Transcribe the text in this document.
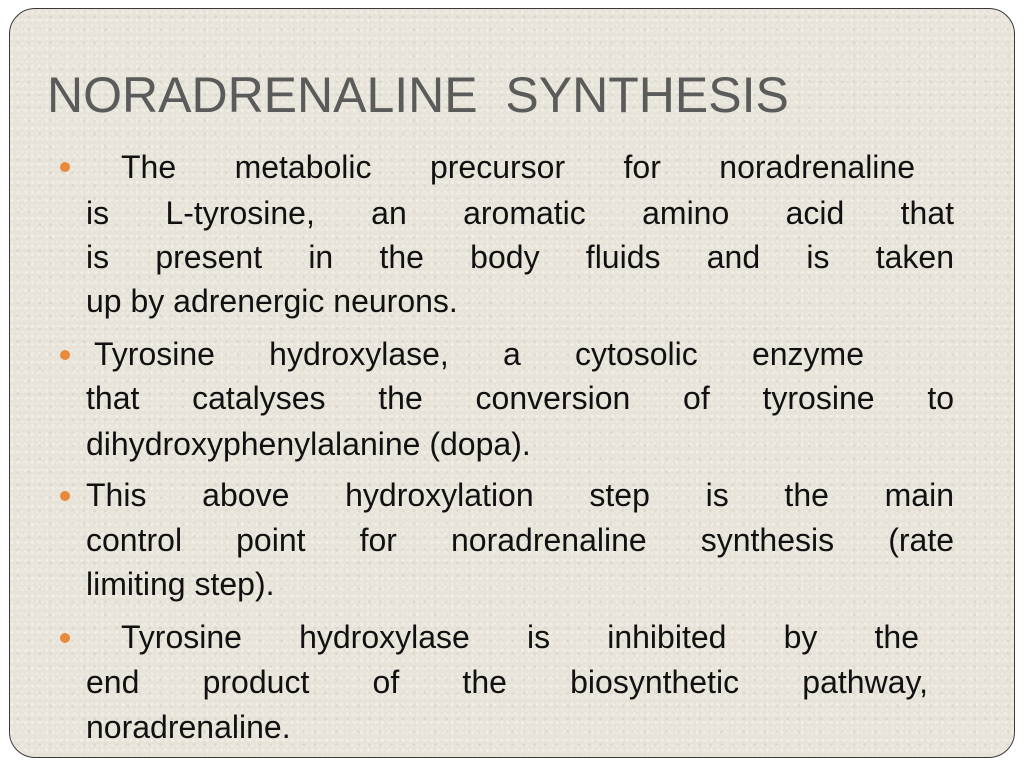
NORADRENALINE  SYNTHESIS
The metabolic precursor for noradrenaline
is L-tyrosine, an aromatic amino acid that
is present in the body fluids and is taken
up by adrenergic neurons.
Tyrosine hydroxylase, a cytosolic enzyme
that catalyses the conversion of tyrosine to
dihydroxyphenylalanine (dopa).
This above hydroxylation step is the main
control point for noradrenaline synthesis (rate
limiting step).
Tyrosine hydroxylase is inhibited by the
end product of the biosynthetic pathway,
noradrenaline.
